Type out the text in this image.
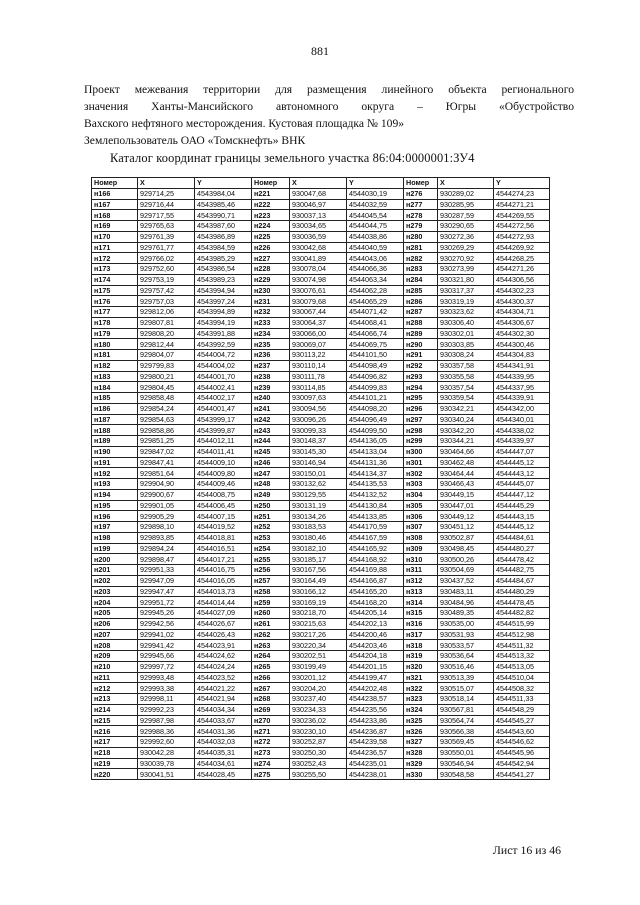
881
Проект межевания территории для размещения линейного объекта регионального
значения Ханты-Мансийского автономного округа – Югры «Обустройство
Вахского нефтяного месторождения. Кустовая площадка № 109»
Землепользователь ОАО «Томскнефть» ВНК
Каталог координат границы земельного участка 86:04:0000001:ЗУ4
Номер	X	Y	Номер	X	Y	Номер	X	Y
н166	929714,25	4543984,04	н221	930047,68	4544030,19	н276	930289,02	4544274,23
н167	929716,44	4543985,46	н222	930046,97	4544032,59	н277	930285,95	4544271,21
н168	929717,55	4543990,71	н223	930037,13	4544045,54	н278	930287,59	4544269,55
н169	929765,63	4543987,60	н224	930034,65	4544044,75	н279	930290,65	4544272,56
н170	929761,39	4543986,89	н225	930036,59	4544038,86	н280	930272,36	4544272,93
н171	929761,77	4543984,59	н226	930042,68	4544040,59	н281	930269,29	4544269,92
н172	929766,02	4543985,29	н227	930041,89	4544043,06	н282	930270,92	4544268,25
н173	929752,60	4543986,54	н228	930078,04	4544066,36	н283	930273,99	4544271,26
н174	929753,19	4543989,23	н229	930074,98	4544063,34	н284	930321,80	4544306,56
н175	929757,42	4543994,94	н230	930076,61	4544062,28	н285	930317,37	4544302,23
н176	929757,03	4543997,24	н231	930079,68	4544065,29	н286	930319,19	4544300,37
н177	929812,06	4543994,89	н232	930067,44	4544071,42	н287	930323,62	4544304,71
н178	929807,81	4543994,19	н233	930064,37	4544068,41	н288	930306,40	4544306,67
н179	929808,20	4543991,88	н234	930066,00	4544066,74	н289	930302,01	4544302,30
н180	929812,44	4543992,59	н235	930069,07	4544069,75	н290	930303,85	4544300,46
н181	929804,07	4544004,72	н236	930113,22	4544101,50	н291	930308,24	4544304,83
н182	929799,83	4544004,02	н237	930110,14	4544098,49	н292	930357,58	4544341,91
н183	929800,21	4544001,70	н238	930111,78	4544096,82	н293	930355,58	4544339,95
н184	929804,45	4544002,41	н239	930114,85	4544099,83	н294	930357,54	4544337,95
н185	929858,48	4544002,17	н240	930097,63	4544101,21	н295	930359,54	4544339,91
н186	929854,24	4544001,47	н241	930094,56	4544098,20	н296	930342,21	4544342,00
н187	929854,63	4543999,17	н242	930096,26	4544096,49	н297	930340,24	4544340,01
н188	929858,86	4543999,87	н243	930099,33	4544099,50	н298	930342,20	4544338,02
н189	929851,25	4544012,11	н244	930148,37	4544136,05	н299	930344,21	4544339,97
н190	929847,02	4544011,41	н245	930145,30	4544133,04	н300	930464,66	4544447,07
н191	929847,41	4544009,10	н246	930146,94	4544131,36	н301	930462,48	4544445,12
н192	929851,64	4544009,80	н247	930150,01	4544134,37	н302	930464,44	4544443,12
н193	929904,90	4544009,46	н248	930132,62	4544135,53	н303	930466,43	4544445,07
н194	929900,67	4544008,75	н249	930129,55	4544132,52	н304	930449,15	4544447,12
н195	929901,05	4544006,45	н250	930131,19	4544130,84	н305	930447,01	4544445,29
н196	929905,29	4544007,15	н251	930134,26	4544133,85	н306	930449,12	4544443,15
н197	929898,10	4544019,52	н252	930183,53	4544170,59	н307	930451,12	4544445,12
н198	929893,85	4544018,81	н253	930180,46	4544167,59	н308	930502,87	4544484,61
н199	929894,24	4544016,51	н254	930182,10	4544165,92	н309	930498,45	4544480,27
н200	929898,47	4544017,21	н255	930185,17	4544168,92	н310	930500,26	4544478,42
н201	929951,33	4544016,75	н256	930167,56	4544169,88	н311	930504,69	4544482,75
н202	929947,09	4544016,05	н257	930164,49	4544166,87	н312	930437,52	4544484,67
н203	929947,47	4544013,73	н258	930166,12	4544165,20	н313	930483,11	4544480,29
н204	929951,72	4544014,44	н259	930169,19	4544168,20	н314	930484,96	4544478,45
н205	929945,26	4544027,09	н260	930218,70	4544205,14	н315	930489,35	4544482,82
н206	929942,56	4544026,67	н261	930215,63	4544202,13	н316	930535,00	4544515,99
н207	929941,02	4544026,43	н262	930217,26	4544200,46	н317	930531,93	4544512,98
н208	929941,42	4544023,91	н263	930220,34	4544203,46	н318	930533,57	4544511,32
н209	929945,66	4544024,62	н264	930202,51	4544204,18	н319	930536,64	4544513,32
н210	929997,72	4544024,24	н265	930199,49	4544201,15	н320	930516,46	4544513,05
н211	929993,48	4544023,52	н266	930201,12	4544199,47	н321	930513,39	4544510,04
н212	929993,38	4544021,22	н267	930204,20	4544202,48	н322	930515,07	4544508,32
н213	929998,11	4544021,94	н268	930237,40	4544238,57	н323	930518,14	4544511,33
н214	929992,23	4544034,34	н269	930234,33	4544235,56	н324	930567,81	4544548,29
н215	929987,98	4544033,67	н270	930236,02	4544233,86	н325	930564,74	4544545,27
н216	929988,36	4544031,36	н271	930230,10	4544236,87	н326	930566,38	4544543,60
н217	929992,60	4544032,03	н272	930252,87	4544239,58	н327	930569,45	4544546,62
н218	930042,28	4544035,31	н273	930250,30	4544236,57	н328	930550,01	4544545,96
н219	930039,78	4544034,61	н274	930252,43	4544235,01	н329	930546,94	4544542,94
н220	930041,51	4544028,45	н275	930255,50	4544238,01	н330	930548,58	4544541,27
Лист 16 из 46
